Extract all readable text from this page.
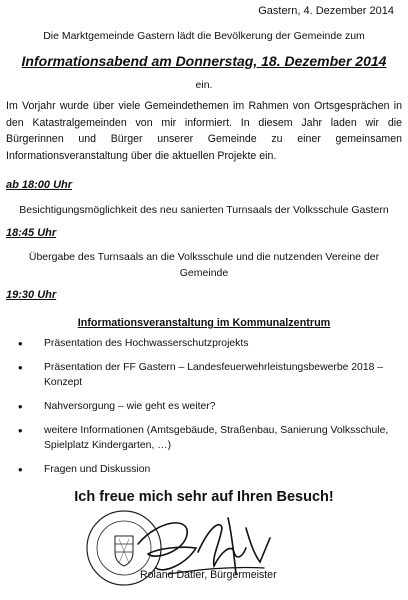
Gastern, 4. Dezember 2014
Die Marktgemeinde Gastern lädt die Bevölkerung der Gemeinde zum
Informationsabend am Donnerstag, 18. Dezember 2014
ein.
Im Vorjahr wurde über viele Gemeindethemen im Rahmen von Ortsgesprächen in den Katastralgemeinden von mir informiert. In diesem Jahr laden wir die Bürgerinnen und Bürger unserer Gemeinde zu einer gemeinsamen Informationsveranstaltung über die aktuellen Projekte ein.
ab 18:00 Uhr
Besichtigungsmöglichkeit des neu sanierten Turnsaals der Volksschule Gastern
18:45 Uhr
Übergabe des Turnsaals an die Volksschule und die nutzenden Vereine der Gemeinde
19:30 Uhr
Informationsveranstaltung im Kommunalzentrum
• Präsentation des Hochwasserschutzprojekts
• Präsentation der FF Gastern – Landesfeuerwehrleistungsbewerbe 2018 – Konzept
• Nahversorgung – wie geht es weiter?
• weitere Informationen (Amtsgebäude, Straßenbau, Sanierung Volksschule, Spielplatz Kindergarten, …)
• Fragen und Diskussion
Ich freue mich sehr auf Ihren Besuch!
Roland Datler, Bürgermeister
